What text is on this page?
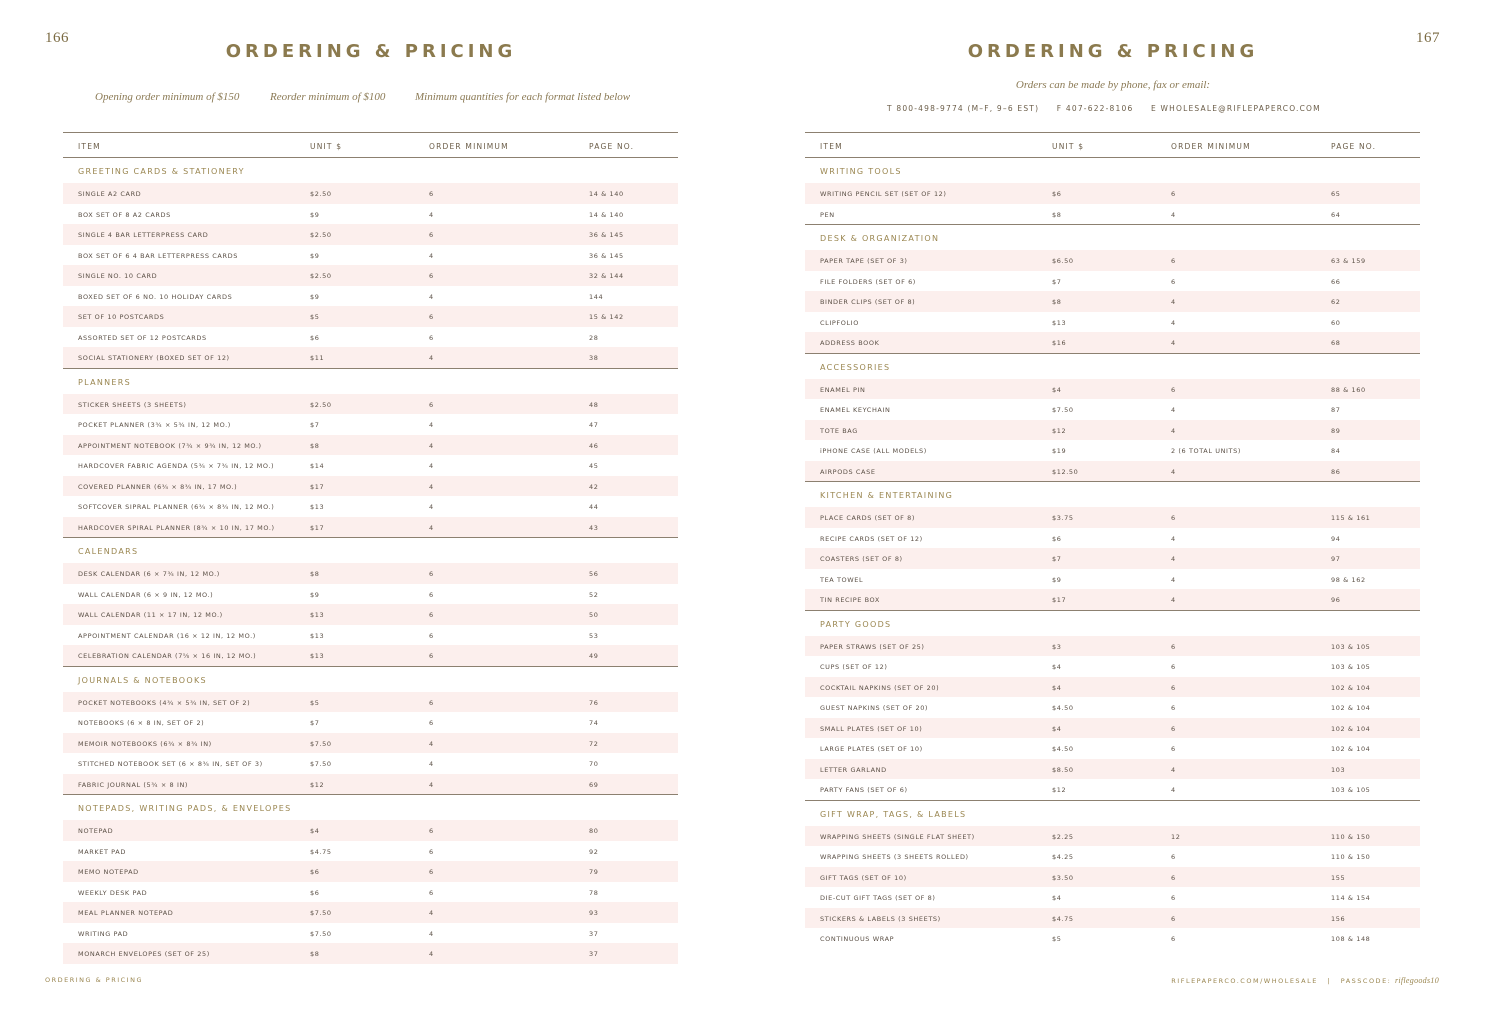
166
ORDERING & PRICING
Opening order minimum of $150	Reorder minimum of $100	Minimum quantities for each format listed below
ITEM	UNIT $	ORDER MINIMUM	PAGE NO.
GREETING CARDS & STATIONERY
SINGLE A2 CARD	$2.50	6	14 & 140
BOX SET OF 8 A2 CARDS	$9	4	14 & 140
SINGLE 4 BAR LETTERPRESS CARD	$2.50	6	36 & 145
BOX SET OF 6 4 BAR LETTERPRESS CARDS	$9	4	36 & 145
SINGLE NO. 10 CARD	$2.50	6	32 & 144
BOXED SET OF 6 NO. 10 HOLIDAY CARDS	$9	4	144
SET OF 10 POSTCARDS	$5	6	15 & 142
ASSORTED SET OF 12 POSTCARDS	$6	6	28
SOCIAL STATIONERY (BOXED SET OF 12)	$11	4	38
PLANNERS
STICKER SHEETS (3 SHEETS)	$2.50	6	48
POCKET PLANNER (3¾ × 5¾ IN, 12 MO.)	$7	4	47
APPOINTMENT NOTEBOOK (7¾ × 9¾ IN, 12 MO.)	$8	4	46
HARDCOVER FABRIC AGENDA (5¾ × 7¾ IN, 12 MO.)	$14	4	45
COVERED PLANNER (6¾ × 8¾ IN, 17 MO.)	$17	4	42
SOFTCOVER SIPRAL PLANNER (6¾ × 8¾ IN, 12 MO.)	$13	4	44
HARDCOVER SPIRAL PLANNER (8¾ × 10 IN, 17 MO.)	$17	4	43
CALENDARS
DESK CALENDAR (6 × 7¾ IN, 12 MO.)	$8	6	56
WALL CALENDAR (6 × 9 IN, 12 MO.)	$9	6	52
WALL CALENDAR (11 × 17 IN, 12 MO.)	$13	6	50
APPOINTMENT CALENDAR (16 × 12 IN, 12 MO.)	$13	6	53
CELEBRATION CALENDAR (7⅝ × 16 IN, 12 MO.)	$13	6	49
JOURNALS & NOTEBOOKS
POCKET NOTEBOOKS (4¾ × 5¾ IN, SET OF 2)	$5	6	76
NOTEBOOKS (6 × 8 IN, SET OF 2)	$7	6	74
MEMOIR NOTEBOOKS (6¾ × 8¾ IN)	$7.50	4	72
STITCHED NOTEBOOK SET (6 × 8¾ IN, SET OF 3)	$7.50	4	70
FABRIC JOURNAL (5¾ × 8 IN)	$12	4	69
NOTEPADS, WRITING PADS, & ENVELOPES
NOTEPAD	$4	6	80
MARKET PAD	$4.75	6	92
MEMO NOTEPAD	$6	6	79
WEEKLY DESK PAD	$6	6	78
MEAL PLANNER NOTEPAD	$7.50	4	93
WRITING PAD	$7.50	4	37
MONARCH ENVELOPES (SET OF 25)	$8	4	37
ORDERING & PRICING
167
ORDERING & PRICING
Orders can be made by phone, fax or email:
T 800-498-9774 (M–F, 9–6 EST) F 407-622-8106 E WHOLESALE@RIFLEPAPERCO.COM
ITEM	UNIT $	ORDER MINIMUM	PAGE NO.
WRITING TOOLS
WRITING PENCIL SET (SET OF 12)	$6	6	65
PEN	$8	4	64
DESK & ORGANIZATION
PAPER TAPE (SET OF 3)	$6.50	6	63 & 159
FILE FOLDERS (SET OF 6)	$7	6	66
BINDER CLIPS (SET OF 8)	$8	4	62
CLIPFOLIO	$13	4	60
ADDRESS BOOK	$16	4	68
ACCESSORIES
ENAMEL PIN	$4	6	88 & 160
ENAMEL KEYCHAIN	$7.50	4	87
TOTE BAG	$12	4	89
iPHONE CASE (ALL MODELS)	$19	2 (6 TOTAL UNITS)	84
AIRPODS CASE	$12.50	4	86
KITCHEN & ENTERTAINING
PLACE CARDS (SET OF 8)	$3.75	6	115 & 161
RECIPE CARDS (SET OF 12)	$6	4	94
COASTERS (SET OF 8)	$7	4	97
TEA TOWEL	$9	4	98 & 162
TIN RECIPE BOX	$17	4	96
PARTY GOODS
PAPER STRAWS (SET OF 25)	$3	6	103 & 105
CUPS (SET OF 12)	$4	6	103 & 105
COCKTAIL NAPKINS (SET OF 20)	$4	6	102 & 104
GUEST NAPKINS (SET OF 20)	$4.50	6	102 & 104
SMALL PLATES (SET OF 10)	$4	6	102 & 104
LARGE PLATES (SET OF 10)	$4.50	6	102 & 104
LETTER GARLAND	$8.50	4	103
PARTY FANS (SET OF 6)	$12	4	103 & 105
GIFT WRAP, TAGS, & LABELS
WRAPPING SHEETS (SINGLE FLAT SHEET)	$2.25	12	110 & 150
WRAPPING SHEETS (3 SHEETS ROLLED)	$4.25	6	110 & 150
GIFT TAGS (SET OF 10)	$3.50	6	155
DIE-CUT GIFT TAGS (SET OF 8)	$4	6	114 & 154
STICKERS & LABELS (3 SHEETS)	$4.75	6	156
CONTINUOUS WRAP	$5	6	108 & 148
RIFLEPAPERCO.COM/WHOLESALE | PASSCODE: riflegoods10
